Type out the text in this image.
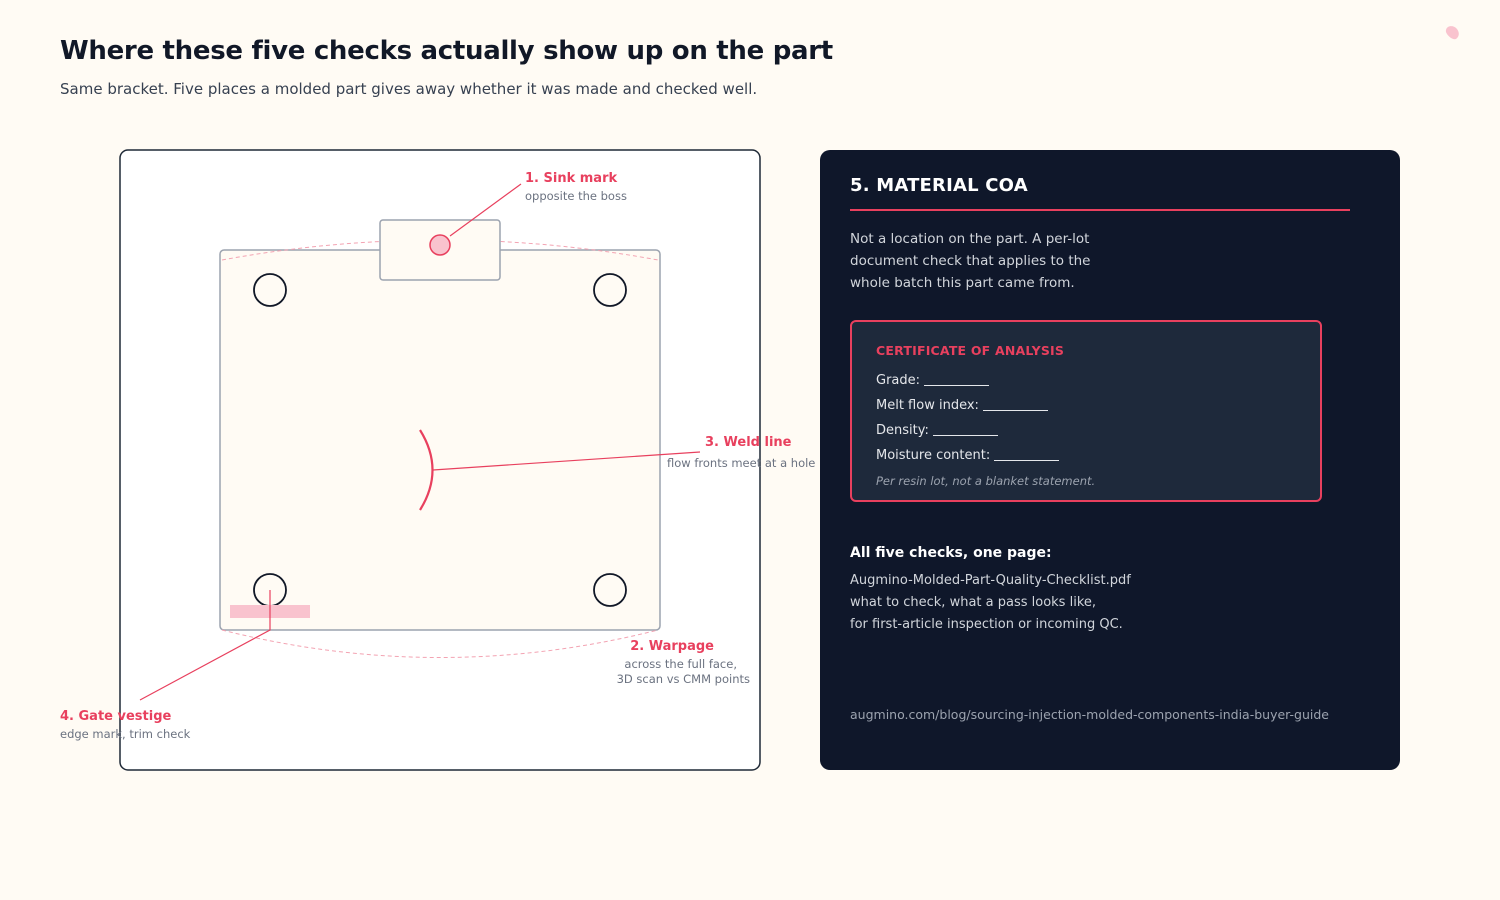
Where these five checks actually show up on the part

Same bracket. Five places a molded part gives away whether it was made and checked well.

1. Sink mark
opposite the boss
2. Warpage
across the full face,
3D scan vs CMM points
3. Weld line
flow fronts meet at a hole
4. Gate vestige
edge mark, trim check
5. MATERIAL COA

Not a location on the part. A per-lot document check that applies to the whole batch this part came from.

CERTIFICATE OF ANALYSIS
Grade:
Melt flow index:
Density:
Moisture content:
Per resin lot, not a blanket statement.
All five checks, one page:
Augmino-Molded-Part-Quality-Checklist.pdf
what to check, what a pass looks like,
for first-article inspection or incoming QC.
augmino.com/blog/sourcing-injection-molded-components-india-buyer-guide
